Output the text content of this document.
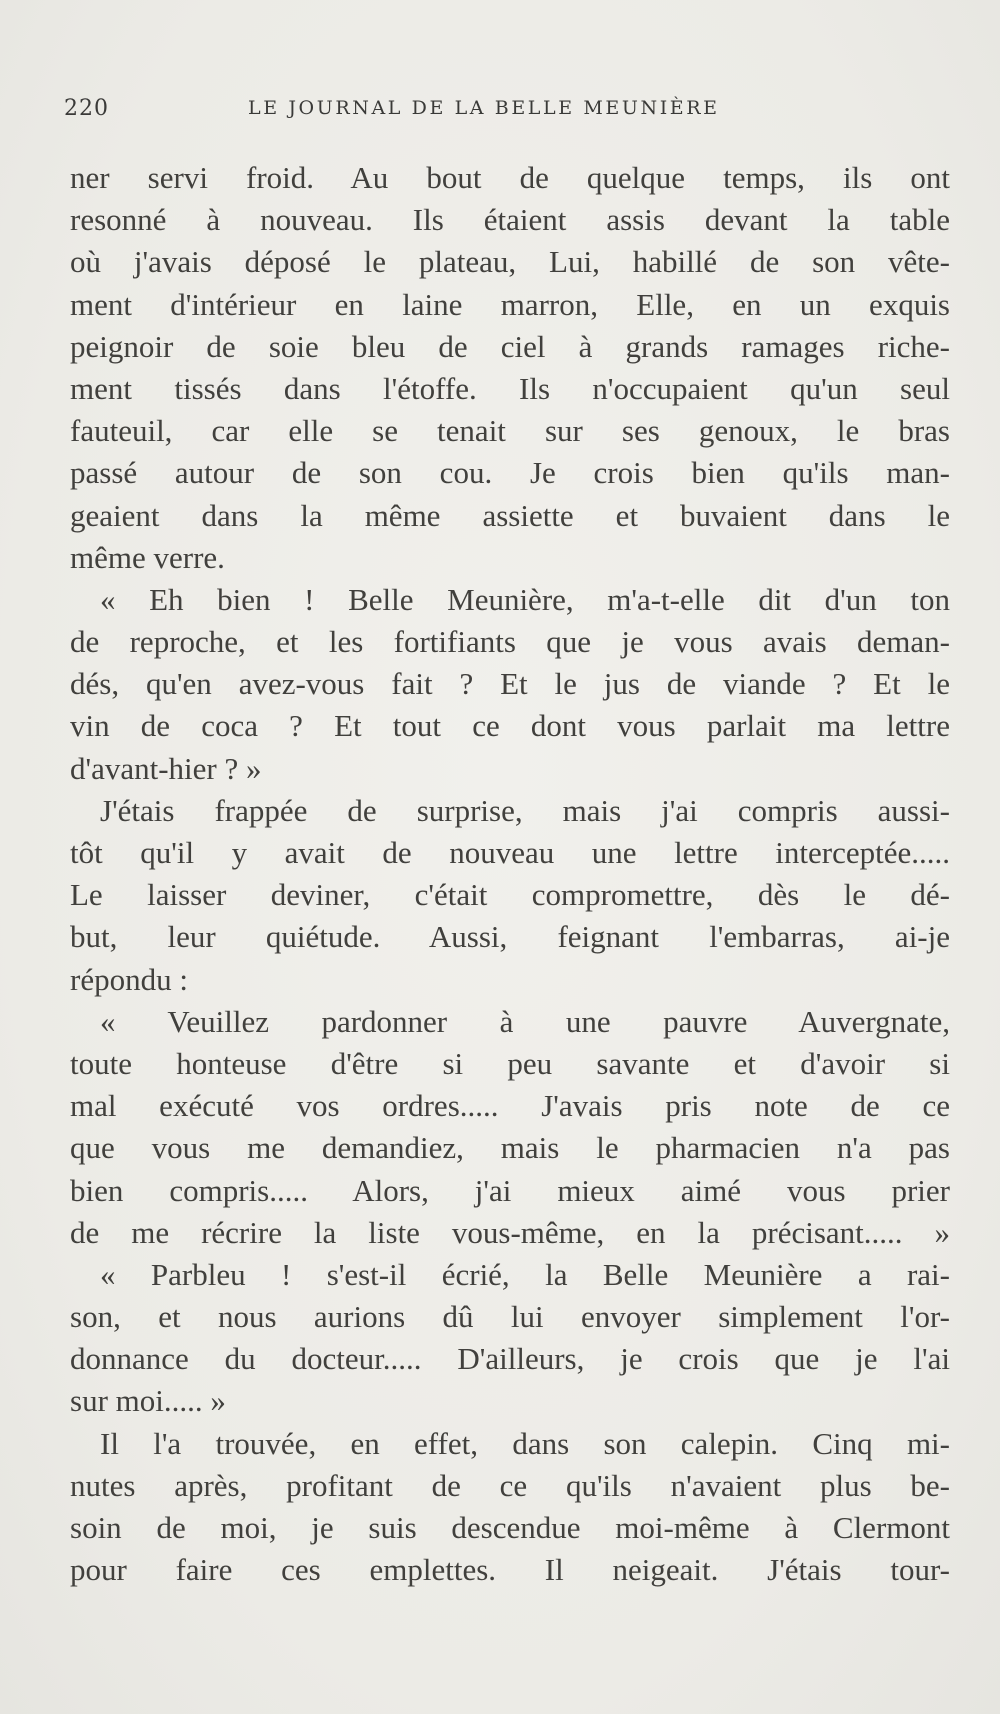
220	LE JOURNAL DE LA BELLE MEUNIÈRE
ner servi froid. Au bout de quelque temps, ils ont
resonné à nouveau. Ils étaient assis devant la table
où j'avais déposé le plateau, Lui, habillé de son vête-
ment d'intérieur en laine marron, Elle, en un exquis
peignoir de soie bleu de ciel à grands ramages riche-
ment tissés dans l'étoffe. Ils n'occupaient qu'un seul
fauteuil, car elle se tenait sur ses genoux, le bras
passé autour de son cou. Je crois bien qu'ils man-
geaient dans la même assiette et buvaient dans le
même verre.
« Eh bien ! Belle Meunière, m'a-t-elle dit d'un ton
de reproche, et les fortifiants que je vous avais deman-
dés, qu'en avez-vous fait ? Et le jus de viande ? Et le
vin de coca ? Et tout ce dont vous parlait ma lettre
d'avant-hier ? »
J'étais frappée de surprise, mais j'ai compris aussi-
tôt qu'il y avait de nouveau une lettre interceptée.....
Le laisser deviner, c'était compromettre, dès le dé-
but, leur quiétude. Aussi, feignant l'embarras, ai-je
répondu :
« Veuillez pardonner à une pauvre Auvergnate,
toute honteuse d'être si peu savante et d'avoir si
mal exécuté vos ordres..... J'avais pris note de ce
que vous me demandiez, mais le pharmacien n'a pas
bien compris..... Alors, j'ai mieux aimé vous prier
de me récrire la liste vous-même, en la précisant..... »
« Parbleu ! s'est-il écrié, la Belle Meunière a rai-
son, et nous aurions dû lui envoyer simplement l'or-
donnance du docteur..... D'ailleurs, je crois que je l'ai
sur moi..... »
Il l'a trouvée, en effet, dans son calepin. Cinq mi-
nutes après, profitant de ce qu'ils n'avaient plus be-
soin de moi, je suis descendue moi-même à Clermont
pour faire ces emplettes. Il neigeait. J'étais tour-
